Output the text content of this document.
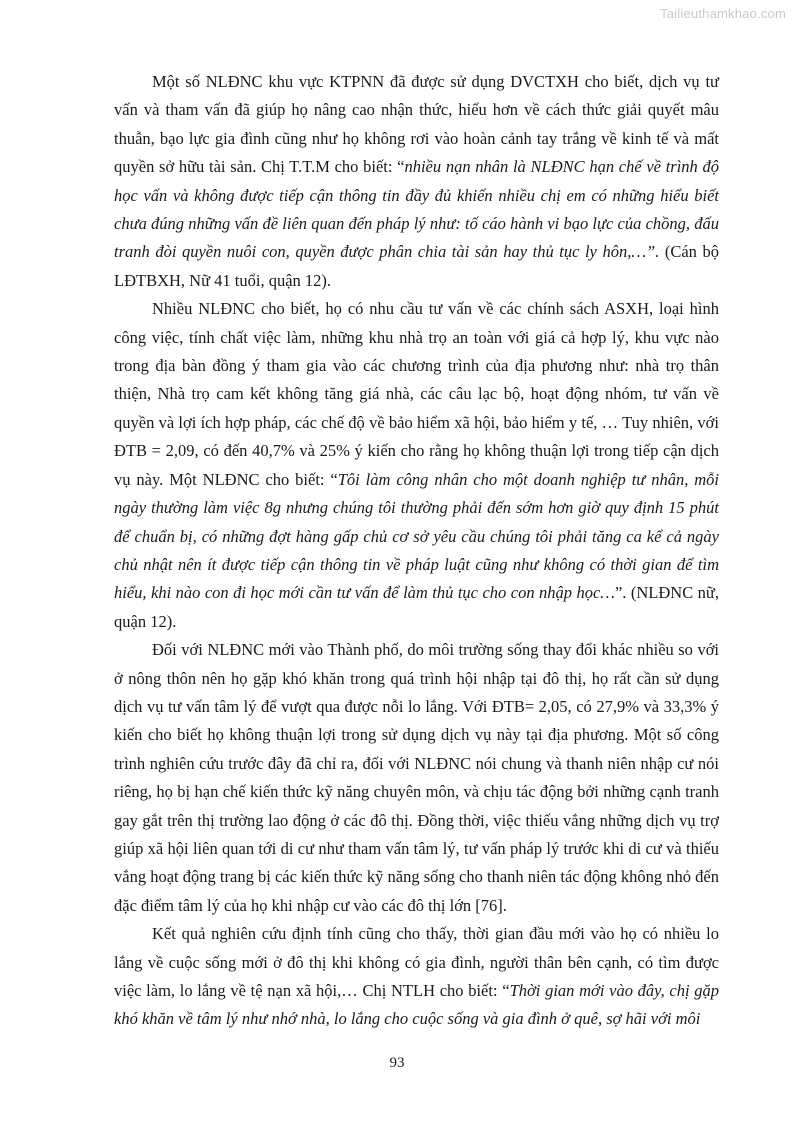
Tailieuthamkhao.com

Một số NLĐNC khu vực KTPNN đã được sử dụng DVCTXH cho biết, dịch vụ tư vấn và tham vấn đã giúp họ nâng cao nhận thức, hiểu hơn về cách thức giải quyết mâu thuẫn, bạo lực gia đình cũng như họ không rơi vào hoàn cảnh tay trắng về kinh tế và mất quyền sở hữu tài sản. Chị T.T.M cho biết: “nhiều nạn nhân là NLĐNC hạn chế về trình độ học vấn và không được tiếp cận thông tin đầy đủ khiến nhiều chị em có những hiểu biết chưa đúng những vấn đề liên quan đến pháp lý như: tố cáo hành vi bạo lực của chồng, đấu tranh đòi quyền nuôi con, quyền được phân chia tài sản hay thủ tục ly hôn,…”. (Cán bộ LĐTBXH, Nữ 41 tuổi, quận 12).

Nhiều NLĐNC cho biết, họ có nhu cầu tư vấn về các chính sách ASXH, loại hình công việc, tính chất việc làm, những khu nhà trọ an toàn với giá cả hợp lý, khu vực nào trong địa bàn đồng ý tham gia vào các chương trình của địa phương như: nhà trọ thân thiện, Nhà trọ cam kết không tăng giá nhà, các câu lạc bộ, hoạt động nhóm, tư vấn về quyền và lợi ích hợp pháp, các chế độ về bảo hiểm xã hội, bảo hiểm y tế, … Tuy nhiên, với ĐTB = 2,09, có đến 40,7% và 25% ý kiến cho rằng họ không thuận lợi trong tiếp cận dịch vụ này. Một NLĐNC cho biết: “Tôi làm công nhân cho một doanh nghiệp tư nhân, mỗi ngày thường làm việc 8g nhưng chúng tôi thường phải đến sớm hơn giờ quy định 15 phút để chuẩn bị, có những đợt hàng gấp chủ cơ sở yêu cầu chúng tôi phải tăng ca kể cả ngày chủ nhật nên ít được tiếp cận thông tin về pháp luật cũng như không có thời gian để tìm hiểu, khi nào con đi học mới cần tư vấn để làm thủ tục cho con nhập học…”. (NLĐNC nữ, quận 12).

Đối với NLĐNC mới vào Thành phố, do môi trường sống thay đổi khác nhiều so với ở nông thôn nên họ gặp khó khăn trong quá trình hội nhập tại đô thị, họ rất cần sử dụng dịch vụ tư vấn tâm lý để vượt qua được nỗi lo lắng. Với ĐTB= 2,05, có 27,9% và 33,3% ý kiến cho biết họ không thuận lợi trong sử dụng dịch vụ này tại địa phương. Một số công trình nghiên cứu trước đây đã chỉ ra, đối với NLĐNC nói chung và thanh niên nhập cư nói riêng, họ bị hạn chế kiến thức kỹ năng chuyên môn, và chịu tác động bởi những cạnh tranh gay gắt trên thị trường lao động ở các đô thị. Đồng thời, việc thiếu vắng những dịch vụ trợ giúp xã hội liên quan tới di cư như tham vấn tâm lý, tư vấn pháp lý trước khi di cư và thiếu vắng hoạt động trang bị các kiến thức kỹ năng sống cho thanh niên tác động không nhỏ đến đặc điểm tâm lý của họ khi nhập cư vào các đô thị lớn [76].

Kết quả nghiên cứu định tính cũng cho thấy, thời gian đầu mới vào họ có nhiều lo lắng về cuộc sống mới ở đô thị khi không có gia đình, người thân bên cạnh, có tìm được việc làm, lo lắng về tệ nạn xã hội,… Chị NTLH cho biết: “Thời gian mới vào đây, chị gặp khó khăn về tâm lý như nhớ nhà, lo lắng cho cuộc sống và gia đình ở quê, sợ hãi với môi

93
